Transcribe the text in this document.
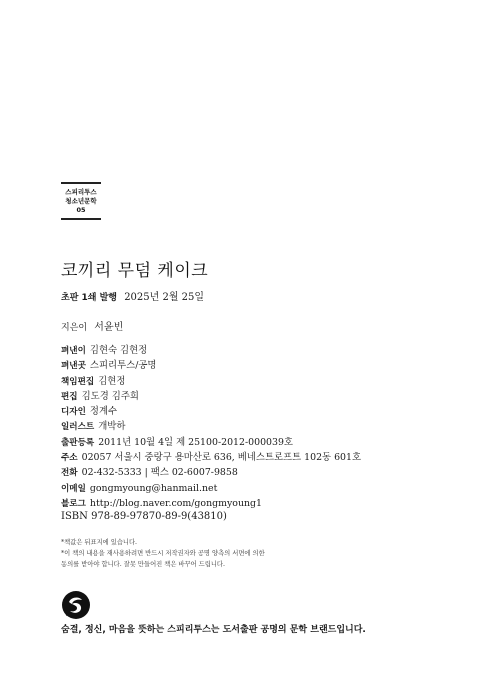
스피리투스
청소년문학
05
코끼리 무덤 케이크
초판 1쇄 발행 2025년 2월 25일
지은이 서윤빈
펴낸이 김현숙 김현정
펴낸곳 스피리투스/공명
책임편집 김현정
편집 김도경 김주희
디자인 정계수
일러스트 개박하
출판등록 2011년 10월 4일 제 25100-2012-000039호
주소 02057 서울시 중랑구 용마산로 636, 베네스트로프트 102동 601호
전화 02-432-5333 | 팩스 02-6007-9858
이메일 gongmyoung@hanmail.net
블로그 http://blog.naver.com/gongmyoung1
ISBN 978-89-97870-89-9(43810)
*책값은 뒤표지에 있습니다.
*이 책의 내용을 재사용하려면 반드시 저작권자와 공명 양측의 서면에 의한
동의를 받아야 합니다. 잘못 만들어진 책은 바꾸어 드립니다.
숨결, 정신, 마음을 뜻하는 스피리투스는 도서출판 공명의 문학 브랜드입니다.
